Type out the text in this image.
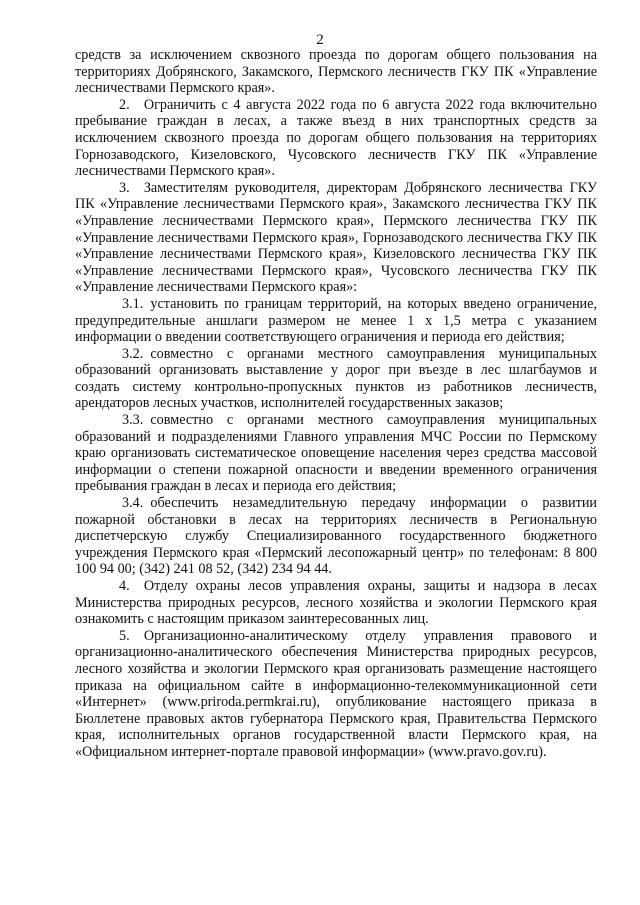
2

средств за исключением сквозного проезда по дорогам общего пользования на территориях Добрянского, Закамского, Пермского лесничеств ГКУ ПК «Управление лесничествами Пермского края».

2. Ограничить с 4 августа 2022 года по 6 августа 2022 года включительно пребывание граждан в лесах, а также въезд в них транспортных средств за исключением сквозного проезда по дорогам общего пользования на территориях Горнозаводского, Кизеловского, Чусовского лесничеств ГКУ ПК «Управление лесничествами Пермского края».

3. Заместителям руководителя, директорам Добрянского лесничества ГКУ ПК «Управление лесничествами Пермского края», Закамского лесничества ГКУ ПК «Управление лесничествами Пермского края», Пермского лесничества ГКУ ПК «Управление лесничествами Пермского края», Горнозаводского лесничества ГКУ ПК «Управление лесничествами Пермского края», Кизеловского лесничества ГКУ ПК «Управление лесничествами Пермского края», Чусовского лесничества ГКУ ПК «Управление лесничествами Пермского края»:

3.1. установить по границам территорий, на которых введено ограничение, предупредительные аншлаги размером не менее 1 х 1,5 метра с указанием информации о введении соответствующего ограничения и периода его действия;

3.2. совместно с органами местного самоуправления муниципальных образований организовать выставление у дорог при въезде в лес шлагбаумов и создать систему контрольно-пропускных пунктов из работников лесничеств, арендаторов лесных участков, исполнителей государственных заказов;

3.3. совместно с органами местного самоуправления муниципальных образований и подразделениями Главного управления МЧС России по Пермскому краю организовать систематическое оповещение населения через средства массовой информации о степени пожарной опасности и введении временного ограничения пребывания граждан в лесах и периода его действия;

3.4. обеспечить незамедлительную передачу информации о развитии пожарной обстановки в лесах на территориях лесничеств в Региональную диспетчерскую службу Специализированного государственного бюджетного учреждения Пермского края «Пермский лесопожарный центр» по телефонам: 8 800 100 94 00; (342) 241 08 52, (342) 234 94 44.

4. Отделу охраны лесов управления охраны, защиты и надзора в лесах Министерства природных ресурсов, лесного хозяйства и экологии Пермского края ознакомить с настоящим приказом заинтересованных лиц.

5. Организационно-аналитическому отделу управления правового и организационно-аналитического обеспечения Министерства природных ресурсов, лесного хозяйства и экологии Пермского края организовать размещение настоящего приказа на официальном сайте в информационно-телекоммуникационной сети «Интернет» (www.priroda.permkrai.ru), опубликование настоящего приказа в Бюллетене правовых актов губернатора Пермского края, Правительства Пермского края, исполнительных органов государственной власти Пермского края, на «Официальном интернет-портале правовой информации» (www.pravo.gov.ru).
